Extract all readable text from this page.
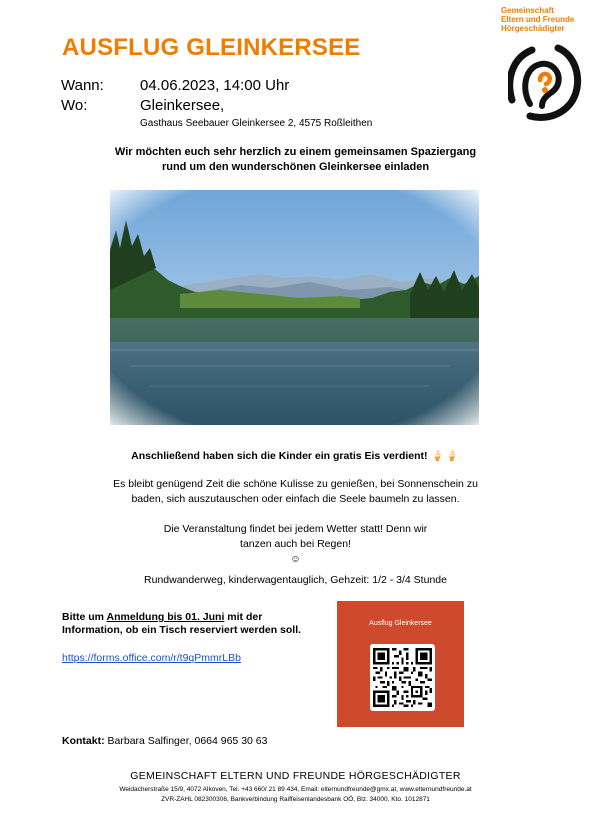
Gemeinschaft
Eltern und Freunde
Hörgeschädigter
AUSFLUG GLEINKERSEE
Wann: 04.06.2023, 14:00 Uhr
Wo:	Gleinkersee,
Gasthaus Seebauer Gleinkersee 2, 4575 Roßleithen
Wir möchten euch sehr herzlich zu einem gemeinsamen Spaziergang
rund um den wunderschönen Gleinkersee einladen
Anschließend haben sich die Kinder ein gratis Eis verdient! 🍦🍦
Es bleibt genügend Zeit die schöne Kulisse zu genießen, bei Sonnenschein zu
baden, sich auszutauschen oder einfach die Seele baumeln zu lassen.
Die Veranstaltung findet bei jedem Wetter statt! Denn wir
tanzen auch bei Regen!
☺
Rundwanderweg, kinderwagentauglich, Gehzeit: 1/2 - 3/4 Stunde
Bitte um Anmeldung bis 01. Juni mit der Information, ob ein Tisch reserviert werden soll.
https://forms.office.com/r/t9qPmmrLBb
Ausflug Gleinkersee
Kontakt: Barbara Salfinger, 0664 965 30 63
GEMEINSCHAFT ELTERN UND FREUNDE HÖRGESCHÄDIGTER
Weidacherstraße 15/9, 4072 Alkoven, Tel. +43 660/ 21 89 434, Email: elternundfreunde@gmx.at, www.elternundfreunde.at
ZVR-ZAHL 082300306, Bankverbindung Raiffeisenlandesbank OÖ, Blz. 34000, Kto. 1012871
